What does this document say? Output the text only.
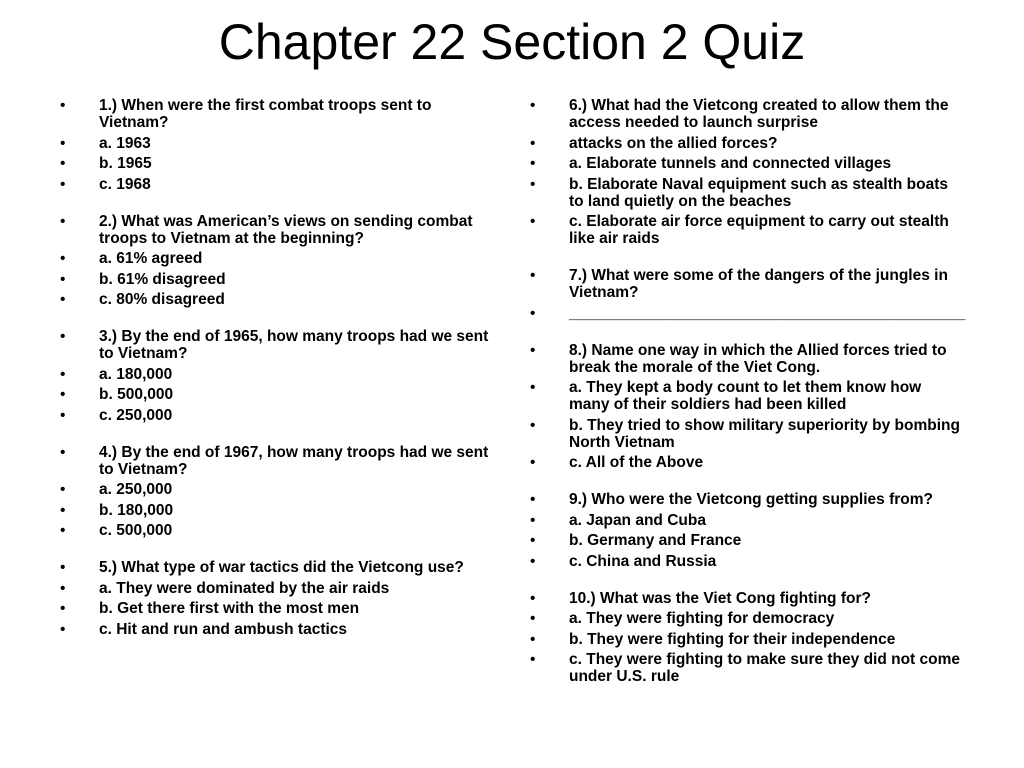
Chapter 22 Section 2 Quiz
•	1.) When were the first combat troops sent to Vietnam?
•	a. 1963
•	b. 1965
•	c. 1968
•	2.) What was American’s views on sending combat troops to Vietnam at the beginning?
•	a. 61% agreed
•	b. 61% disagreed
•	c. 80% disagreed
•	3.) By the end of 1965, how many troops had we sent to Vietnam?
•	a. 180,000
•	b. 500,000
•	c. 250,000
•	4.) By the end of 1967, how many troops had we sent to Vietnam?
•	a. 250,000
•	b. 180,000
•	c. 500,000
•	5.) What type of war tactics did the Vietcong use?
•	a. They were dominated by the air raids
•	b. Get there first with the most men
•	c. Hit and run and ambush tactics
•	6.) What had the Vietcong created to allow them the access needed to launch surprise
•	attacks on the allied forces?
•	a. Elaborate tunnels and connected villages
•	b. Elaborate Naval equipment such as stealth boats to land quietly on the beaches
•	c. Elaborate air force equipment to carry out stealth like air raids
•	7.) What were some of the dangers of the jungles in Vietnam?
•	______________________________________________
•	8.) Name one way in which the Allied forces tried to break the morale of the Viet Cong.
•	a. They kept a body count to let them know how many of their soldiers had been killed
•	b. They tried to show military superiority by bombing North Vietnam
•	c. All of the Above
•	9.) Who were the Vietcong getting supplies from?
•	a. Japan and Cuba
•	b. Germany and France
•	c. China and Russia
•	10.) What was the Viet Cong fighting for?
•	a. They were fighting for democracy
•	b. They were fighting for their independence
•	c. They were fighting to make sure they did not come under U.S. rule
